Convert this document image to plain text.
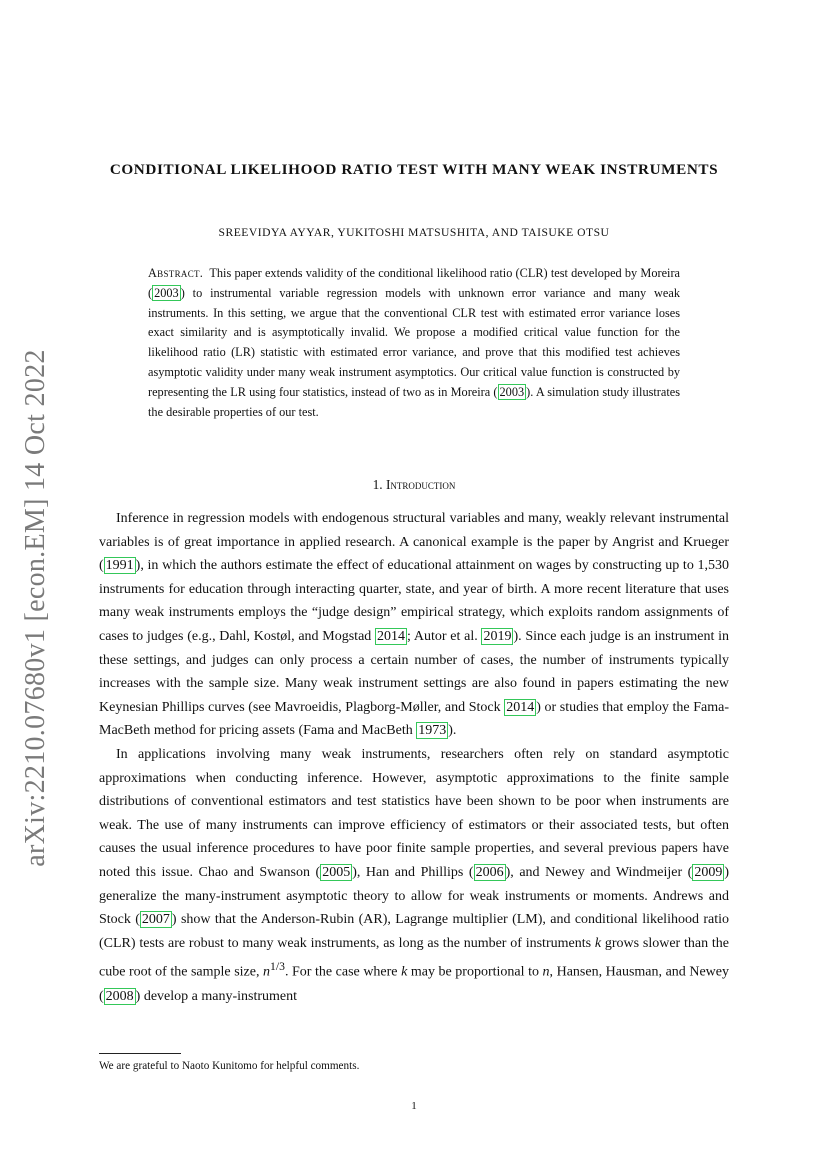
arXiv:2210.07680v1 [econ.EM] 14 Oct 2022
CONDITIONAL LIKELIHOOD RATIO TEST WITH MANY WEAK INSTRUMENTS
SREEVIDYA AYYAR, YUKITOSHI MATSUSHITA, AND TAISUKE OTSU
Abstract. This paper extends validity of the conditional likelihood ratio (CLR) test developed by Moreira ( 2003 ) to instrumental variable regression models with unknown error variance and many weak instruments. In this setting, we argue that the conventional CLR test with estimated error variance loses exact similarity and is asymptotically invalid. We propose a modified critical value function for the likelihood ratio (LR) statistic with estimated error variance, and prove that this modified test achieves asymptotic validity under many weak instrument asymptotics. Our critical value function is constructed by representing the LR using four statistics, instead of two as in Moreira ( 2003 ). A simulation study illustrates the desirable properties of our test.
1. Introduction

Inference in regression models with endogenous structural variables and many, weakly relevant instrumental variables is of great importance in applied research. A canonical example is the paper by Angrist and Krueger ( 1991 ), in which the authors estimate the effect of educational attainment on wages by constructing up to 1,530 instruments for education through interacting quarter, state, and year of birth. A more recent literature that uses many weak instruments employs the “judge design” empirical strategy, which exploits random assignments of cases to judges (e.g., Dahl, Kostøl, and Mogstad 2014 ; Autor et al. 2019 ). Since each judge is an instrument in these settings, and judges can only process a certain number of cases, the number of instruments typically increases with the sample size. Many weak instrument settings are also found in papers estimating the new Keynesian Phillips curves (see Mavroeidis, Plagborg-Møller, and Stock 2014 ) or studies that employ the Fama-MacBeth method for pricing assets (Fama and MacBeth 1973 ).

In applications involving many weak instruments, researchers often rely on standard asymptotic approximations when conducting inference. However, asymptotic approximations to the finite sample distributions of conventional estimators and test statistics have been shown to be poor when instruments are weak. The use of many instruments can improve efficiency of estimators or their associated tests, but often causes the usual inference procedures to have poor finite sample properties, and several previous papers have noted this issue. Chao and Swanson ( 2005 ), Han and Phillips ( 2006 ), and Newey and Windmeijer ( 2009 ) generalize the many-instrument asymptotic theory to allow for weak instruments or moments. Andrews and Stock ( 2007 ) show that the Anderson-Rubin (AR), Lagrange multiplier (LM), and conditional likelihood ratio (CLR) tests are robust to many weak instruments, as long as the number of instruments k grows slower than the cube root of the sample size, $n^{1/3}$. For the case where k may be proportional to n, Hansen, Hausman, and Newey ( 2008 ) develop a many-instrument

We are grateful to Naoto Kunitomo for helpful comments.
1
